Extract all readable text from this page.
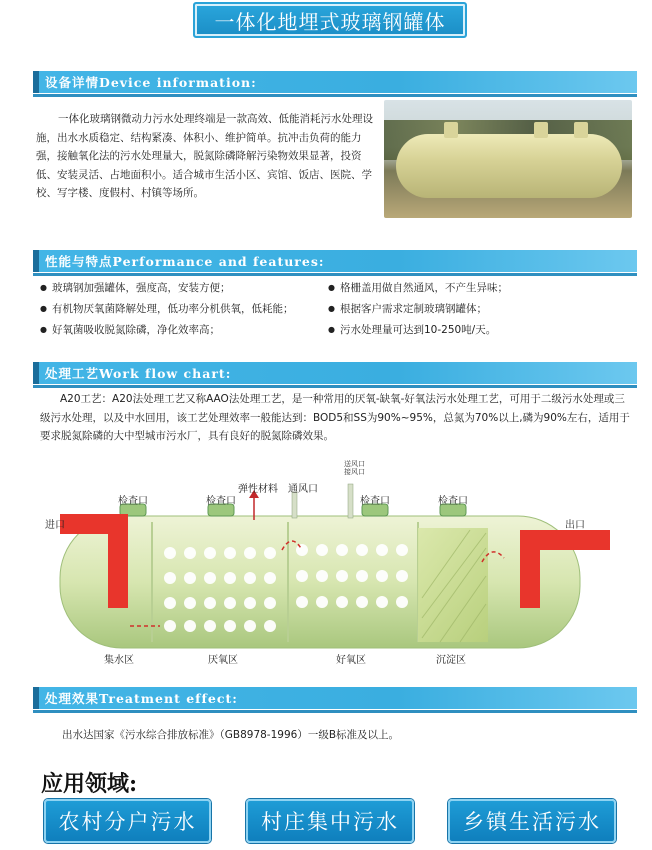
一体化地埋式玻璃钢罐体
设备详情Device information:

一体化玻璃钢微动力污水处理终端是一款高效、低能消耗污水处理设施，出水水质稳定、结构紧凑、体积小、维护简单。抗冲击负荷的能力强，接触氧化法的污水处理量大，脱氮除磷降解污染物效果显著，投资低、安装灵活、占地面积小。适合城市生活小区、宾馆、饭店、医院、学校、写字楼、度假村、村镇等场所。

性能与特点Performance and features:
● 玻璃钢加强罐体，强度高，安装方便；
● 有机物厌氧菌降解处理，低功率分机供氧，低耗能；
● 好氧菌吸收脱氮除磷，净化效率高；
● 格栅盖用做自然通风，不产生异味；
● 根据客户需求定制玻璃钢罐体；
● 污水处理量可达到10-250吨/天。
处理工艺Work flow chart:

A20工艺：A20法处理工艺又称AAO法处理工艺，是一种常用的厌氧-缺氧-好氧法污水处理工艺，可用于二级污水处理或三级污水处理，以及中水回用，该工艺处理效率一般能达到：BOD5和SS为90%~95%，总氮为70%以上,磷为90%左右，适用于要求脱氮除磷的大中型城市污水厂，具有良好的脱氮除磷效果。

进口	出口
检查口	检查口	检查口	检查口
弹性材料 通风口
送风口
接风口
集水区	厌氧区	好氧区	沉淀区
处理效果Treatment effect:
出水达国家《污水综合排放标准》（GB8978-1996）一级B标准及以上。
应用领域:
农村分户污水	村庄集中污水	乡镇生活污水
